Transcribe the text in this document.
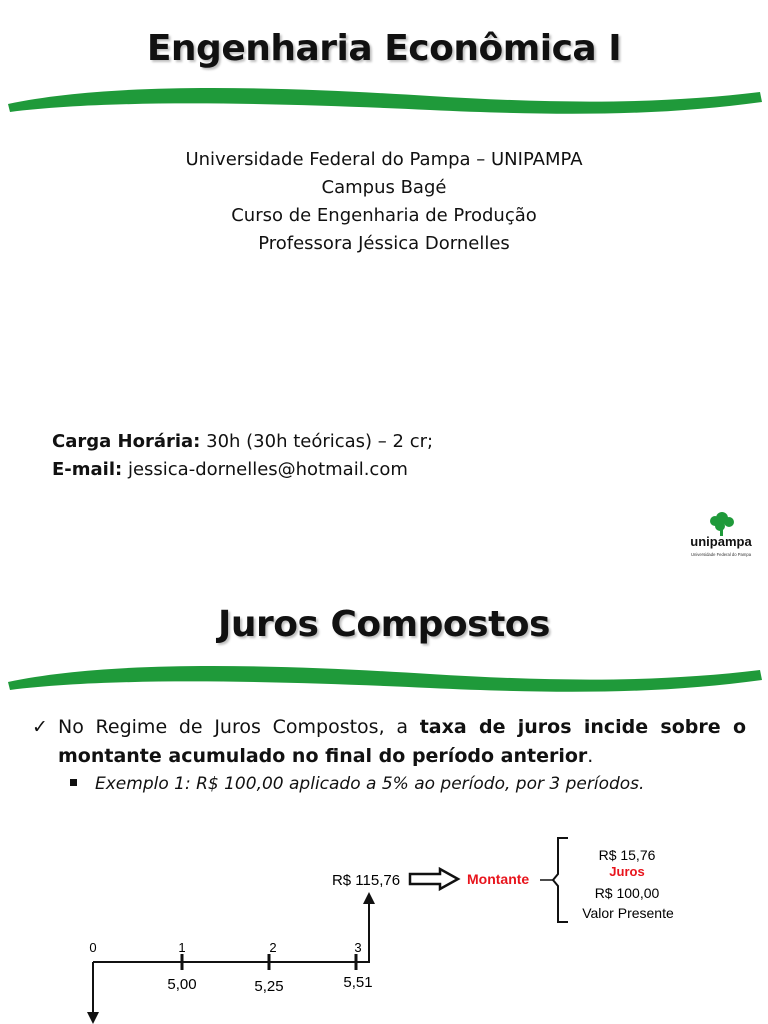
Engenharia Econômica I
Universidade Federal do Pampa – UNIPAMPA
Campus Bagé
Curso de Engenharia de Produção
Professora Jéssica Dornelles
Carga Horária: 30h (30h teóricas) – 2 cr;
E-mail: jessica-dornelles@hotmail.com
unipampa
Universidade Federal do Pampa
Juros Compostos
✓ No Regime de Juros Compostos, a taxa de juros incide sobre o montante acumulado no final do período anterior.
Exemplo 1: R$ 100,00 aplicado a 5% ao período, por 3 períodos.
0	1	2	3
5,00	5,25	5,51
R$ 115,76	Montante
R$ 15,76
Juros
R$ 100,00
Valor Presente
